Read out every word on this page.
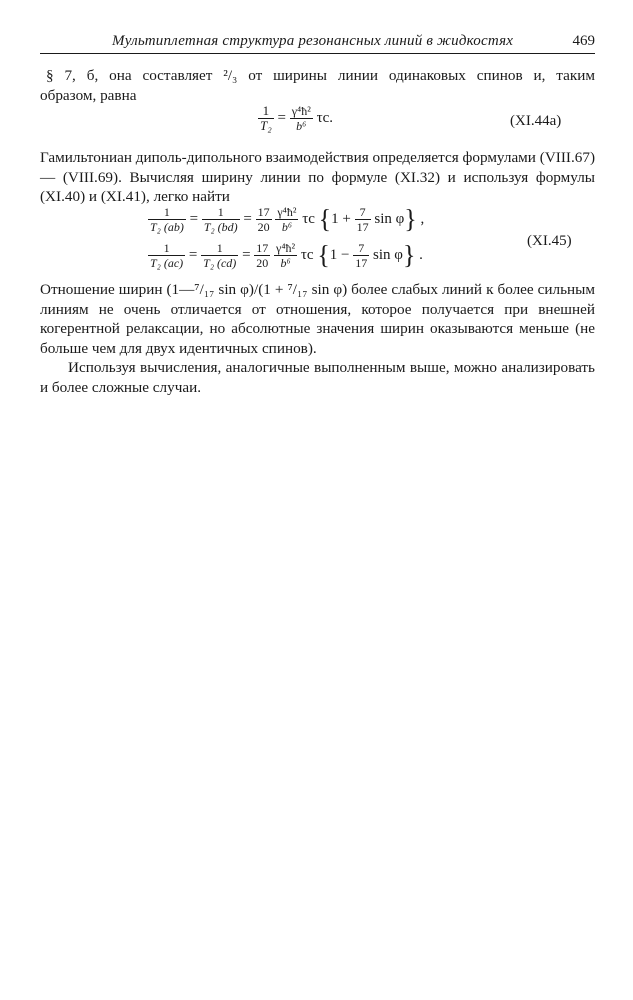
Мультиплетная структура резонансных линий в жидкостях	469
§ 7, б, она составляет ²/₃ от ширины линии одинаковых спинов и, таким
образом, равна
$\frac{1}{\text{T₂}} = \frac{\text{γ⁴ħ²}}{\text{b⁶}} \tau c$.	(XI.44a)

Гамильтониан диполь-дипольного взаимодействия определяется формулами (VIII.67) — (VIII.69). Вычисляя ширину линии по формуле (XI.32) и используя формулы (XI.40) и (XI.41), легко найти

$\frac{1}{\text{T₂ (ab)}} = \frac{1}{\text{T₂ (bd)}} = \frac{17}{20}$
$\frac{\text{γ⁴ħ²}}{\text{b⁶}}$ τc {$1 + \frac{7}{17}$ sin φ} ,
$\frac{1}{\text{T₂ (ac)}} = \frac{1}{\text{T₂ (cd)}} = \frac{17}{20}$
$\frac{\text{γ⁴ħ²}}{\text{b⁶}}$ τc {$1 - \frac{7}{17}$ sin φ} .
(XI.45)

Отношение ширин (1—⁷/₁₇ sin φ)/(1 + ⁷/₁₇ sin φ) более слабых линий к более сильным линиям не очень отличается от отношения, которое получается при внешней когерентной релаксации, но абсолютные значения ширин оказываются меньше (не больше чем для двух идентичных спинов).

Используя вычисления, аналогичные выполненным выше, можно анализировать и более сложные случаи.
